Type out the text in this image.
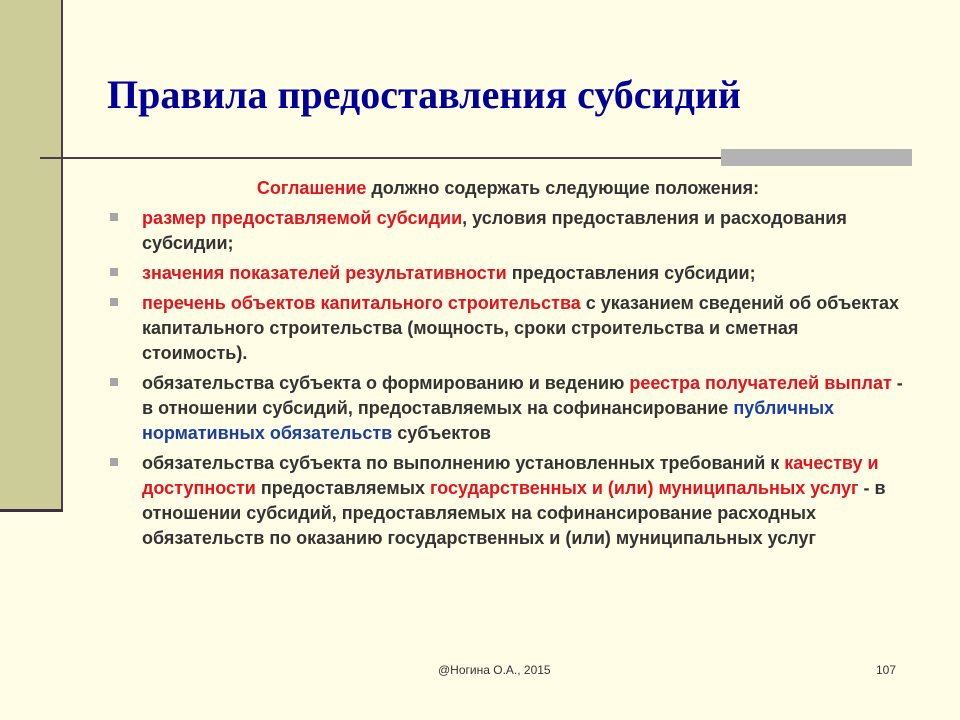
Правила предоставления субсидий

Соглашение должно содержать следующие положения:

размер предоставляемой субсидии, условия предоставления и расходования субсидии;
значения показателей результативности предоставления субсидии;
перечень объектов капитального строительства с указанием сведений об объектах капитального строительства (мощность, сроки строительства и сметная стоимость).
обязательства субъекта о формированию и ведению реестра получателей выплат - в отношении субсидий, предоставляемых на софинансирование публичных нормативных обязательств субъектов
обязательства субъекта по выполнению установленных требований к качеству и доступности предоставляемых государственных и (или) муниципальных услуг - в отношении субсидий, предоставляемых на софинансирование расходных обязательств по оказанию государственных и (или) муниципальных услуг
@Ногина О.А., 2015	107
